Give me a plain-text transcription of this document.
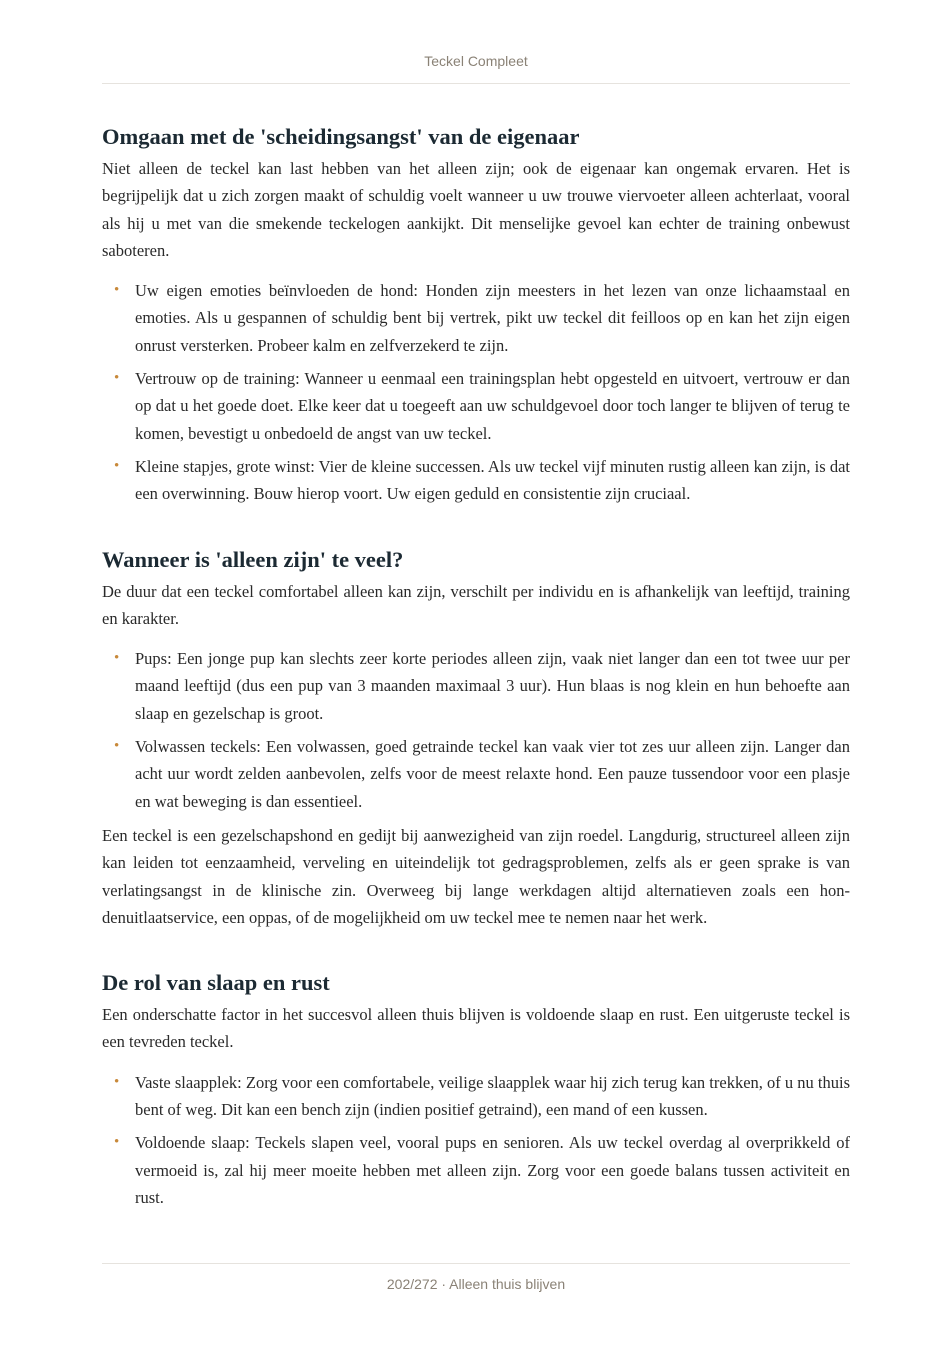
Teckel Compleet
Omgaan met de 'scheidingsangst' van de eigenaar

Niet alleen de teckel kan last hebben van het alleen zijn; ook de eigenaar kan ongemak ervaren. Het is begrijpelijk dat u zich zorgen maakt of schuldig voelt wanneer u uw trouwe viervoeter alleen achterlaat, vooral als hij u met van die smekende teckelogen aankijkt. Dit menselijke gevoel kan echter de training onbewust saboteren.

• Uw eigen emoties beïnvloeden de hond: Honden zijn meesters in het lezen van onze lichaamstaal en emoties. Als u gespannen of schuldig bent bij vertrek, pikt uw teckel dit feilloos op en kan het zijn eigen onrust versterken. Probeer kalm en zelfverzekerd te zijn.
• Vertrouw op de training: Wanneer u eenmaal een trainingsplan hebt opgesteld en uitvoert, vertrouw er dan op dat u het goede doet. Elke keer dat u toegeeft aan uw schuldgevoel door toch langer te blijven of terug te komen, bevestigt u onbedoeld de angst van uw teckel.
• Kleine stapjes, grote winst: Vier de kleine successen. Als uw teckel vijf minuten rustig alleen kan zijn, is dat een overwinning. Bouw hierop voort. Uw eigen geduld en consistentie zijn cruciaal.
Wanneer is 'alleen zijn' te veel?

De duur dat een teckel comfortabel alleen kan zijn, verschilt per individu en is afhankelijk van leeftijd, training en karakter.

• Pups: Een jonge pup kan slechts zeer korte periodes alleen zijn, vaak niet langer dan een tot twee uur per maand leeftijd (dus een pup van 3 maanden maximaal 3 uur). Hun blaas is nog klein en hun behoefte aan slaap en gezelschap is groot.
• Volwassen teckels: Een volwassen, goed getrainde teckel kan vaak vier tot zes uur alleen zijn. Langer dan acht uur wordt zelden aanbevolen, zelfs voor de meest relaxte hond. Een pauze tussendoor voor een plasje en wat beweging is dan essentieel.

Een teckel is een gezelschapshond en gedijt bij aanwezigheid van zijn roedel. Langdurig, structureel alleen zijn kan leiden tot eenzaamheid, verveling en uiteindelijk tot gedragsproblemen, zelfs als er geen sprake is van verlatingsangst in de klinische zin. Overweeg bij lange werkdagen altijd alternatieven zoals een hondenuitlaatservice, een oppas, of de mogelijkheid om uw teckel mee te nemen naar het werk.

De rol van slaap en rust

Een onderschatte factor in het succesvol alleen thuis blijven is voldoende slaap en rust. Een uitgeruste teckel is een tevreden teckel.

• Vaste slaapplek: Zorg voor een comfortabele, veilige slaapplek waar hij zich terug kan trekken, of u nu thuis bent of weg. Dit kan een bench zijn (indien positief getraind), een mand of een kussen.
• Voldoende slaap: Teckels slapen veel, vooral pups en senioren. Als uw teckel overdag al overprikkeld of vermoeid is, zal hij meer moeite hebben met alleen zijn. Zorg voor een goede balans tussen activiteit en rust.
202/272 · Alleen thuis blijven
